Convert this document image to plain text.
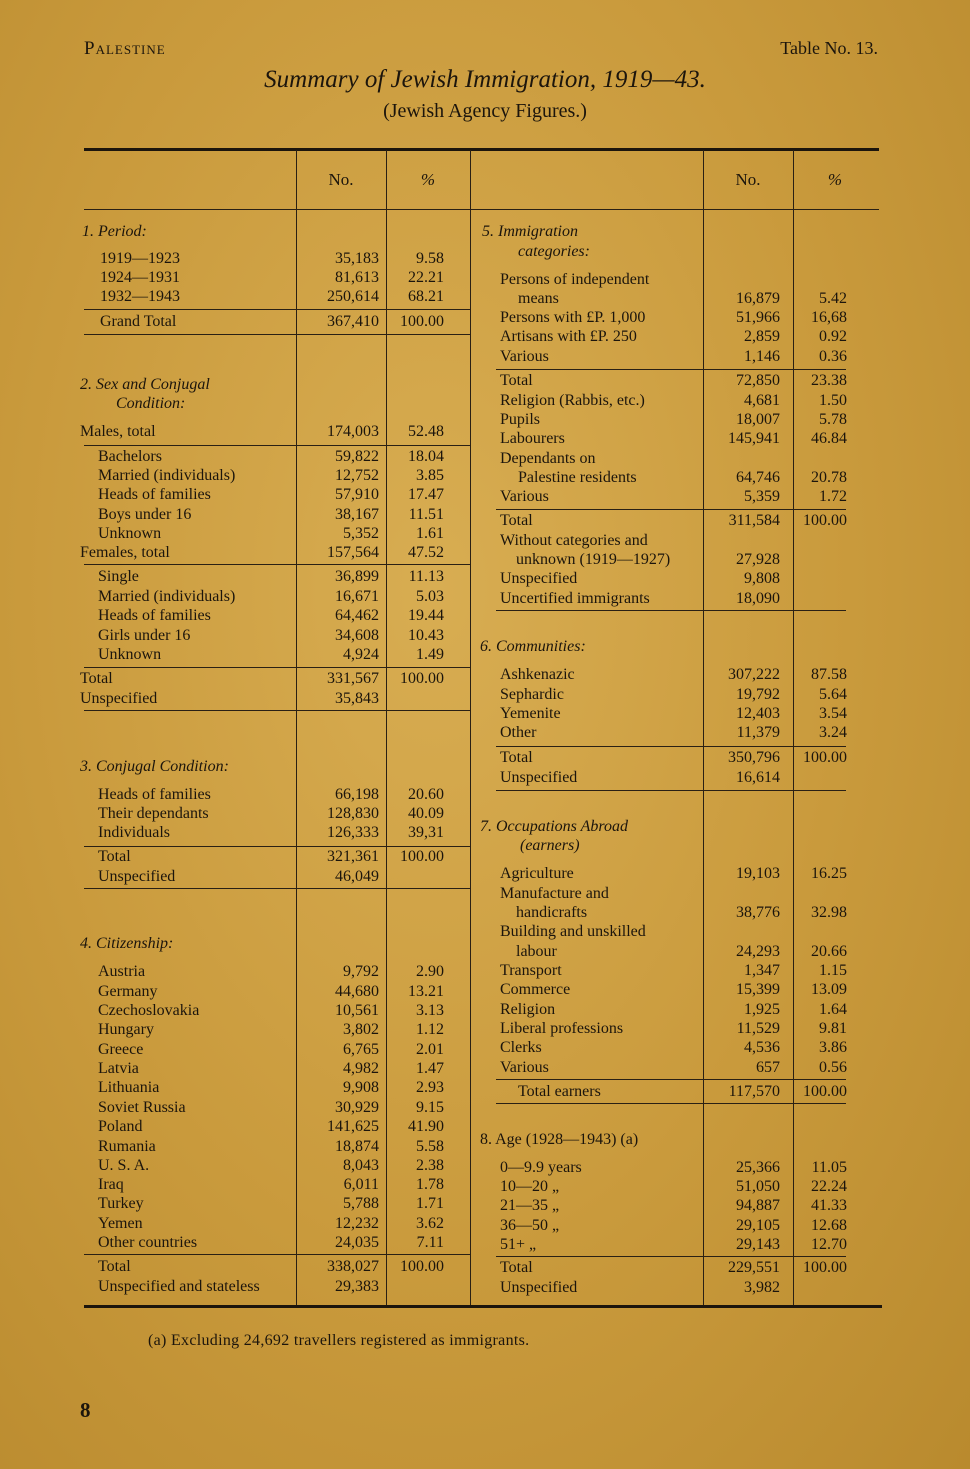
Palestine	Table No. 13.
Summary of Jewish Immigration, 1919—43.
(Jewish Agency Figures.)
No.	%	No.	%
1. Period:
1919—1923	35,183	9.58
1924—1931	81,613	22.21
1932—1943	250,614	68.21
Grand Total	367,410	100.00
2. Sex and Conjugal
Condition:
Males, total	174,003	52.48
Bachelors	59,822	18.04
Married (individuals)	12,752	3.85
Heads of families	57,910	17.47
Boys under 16	38,167	11.51
Unknown	5,352	1.61
Females, total	157,564	47.52
Single	36,899	11.13
Married (individuals)	16,671	5.03
Heads of families	64,462	19.44
Girls under 16	34,608	10.43
Unknown	4,924	1.49
Total	331,567	100.00
Unspecified	35,843
3. Conjugal Condition:
Heads of families	66,198	20.60
Their dependants	128,830	40.09
Individuals	126,333	39,31
Total	321,361	100.00
Unspecified	46,049
4. Citizenship:
Austria	9,792	2.90
Germany	44,680	13.21
Czechoslovakia	10,561	3.13
Hungary	3,802	1.12
Greece	6,765	2.01
Latvia	4,982	1.47
Lithuania	9,908	2.93
Soviet Russia	30,929	9.15
Poland	141,625	41.90
Rumania	18,874	5.58
U. S. A.	8,043	2.38
Iraq	6,011	1.78
Turkey	5,788	1.71
Yemen	12,232	3.62
Other countries	24,035	7.11
Total	338,027	100.00
Unspecified and stateless	29,383
5. Immigration
categories:
Persons of independent
means	16,879	5.42
Persons with £P. 1,000	51,966	16,68
Artisans with £P. 250	2,859	0.92
Various	1,146	0.36
Total	72,850	23.38
Religion (Rabbis, etc.)	4,681	1.50
Pupils	18,007	5.78
Labourers	145,941	46.84
Dependants on
Palestine residents	64,746	20.78
Various	5,359	1.72
Total	311,584	100.00
Without categories and
unknown (1919—1927)	27,928
Unspecified	9,808
Uncertified immigrants	18,090
6. Communities:
Ashkenazic	307,222	87.58
Sephardic	19,792	5.64
Yemenite	12,403	3.54
Other	11,379	3.24
Total	350,796	100.00
Unspecified	16,614
7. Occupations Abroad
(earners)
Agriculture	19,103	16.25
Manufacture and
handicrafts	38,776	32.98
Building and unskilled
labour	24,293	20.66
Transport	1,347	1.15
Commerce	15,399	13.09
Religion	1,925	1.64
Liberal professions	11,529	9.81
Clerks	4,536	3.86
Various	657	0.56
Total earners	117,570	100.00
8. Age (1928—1943) (a)
0—9.9 years	25,366	11.05
10—20 „	51,050	22.24
21—35 „	94,887	41.33
36—50 „	29,105	12.68
51+ „	29,143	12.70
Total	229,551	100.00
Unspecified	3,982
(a) Excluding 24,692 travellers registered as immigrants.
8
